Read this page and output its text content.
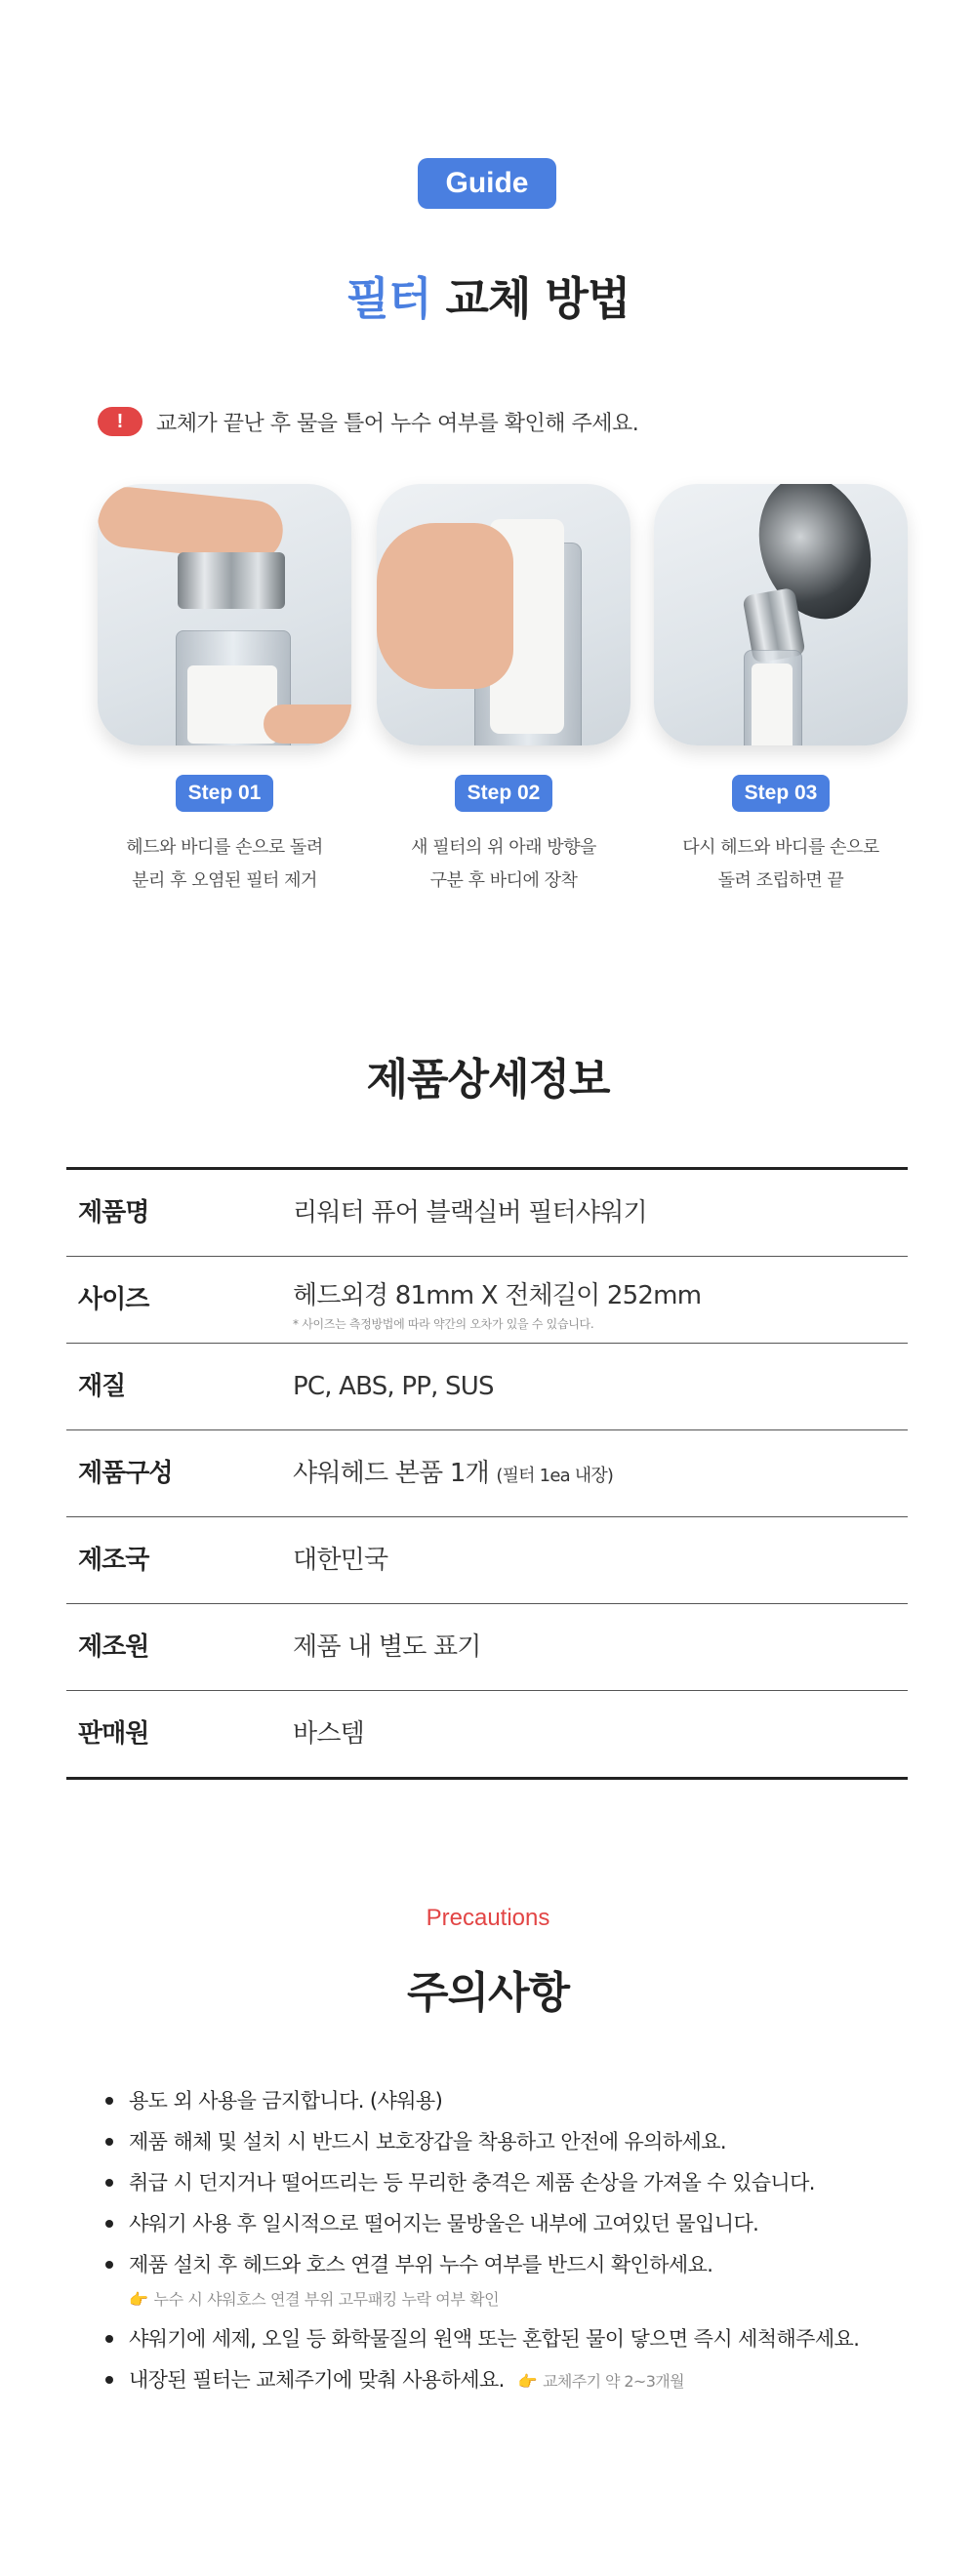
Guide
필터 교체 방법
!	교체가 끝난 후 물을 틀어 누수 여부를 확인해 주세요.
Step 01
헤드와 바디를 손으로 돌려
분리 후 오염된 필터 제거
Step 02
새 필터의 위 아래 방향을
구분 후 바디에 장착
Step 03
다시 헤드와 바디를 손으로
돌려 조립하면 끝
제품상세정보
제품명	리워터 퓨어 블랙실버 필터샤워기
사이즈	헤드외경 81mm X 전체길이 252mm
* 사이즈는 측정방법에 따라 약간의 오차가 있을 수 있습니다.
재질	PC, ABS, PP, SUS
제품구성	샤워헤드 본품 1개 (필터 1ea 내장)
제조국	대한민국
제조원	제품 내 별도 표기
판매원	바스템
Precautions
주의사항
용도 외 사용을 금지합니다. (샤워용)
제품 해체 및 설치 시 반드시 보호장갑을 착용하고 안전에 유의하세요.
취급 시 던지거나 떨어뜨리는 등 무리한 충격은 제품 손상을 가져올 수 있습니다.
샤워기 사용 후 일시적으로 떨어지는 물방울은 내부에 고여있던 물입니다.
제품 설치 후 헤드와 호스 연결 부위 누수 여부를 반드시 확인하세요.
👉 누수 시 샤워호스 연결 부위 고무패킹 누락 여부 확인
샤워기에 세제, 오일 등 화학물질의 원액 또는 혼합된 물이 닿으면 즉시 세척해주세요.
내장된 필터는 교체주기에 맞춰 사용하세요. 👉 교체주기 약 2~3개월
